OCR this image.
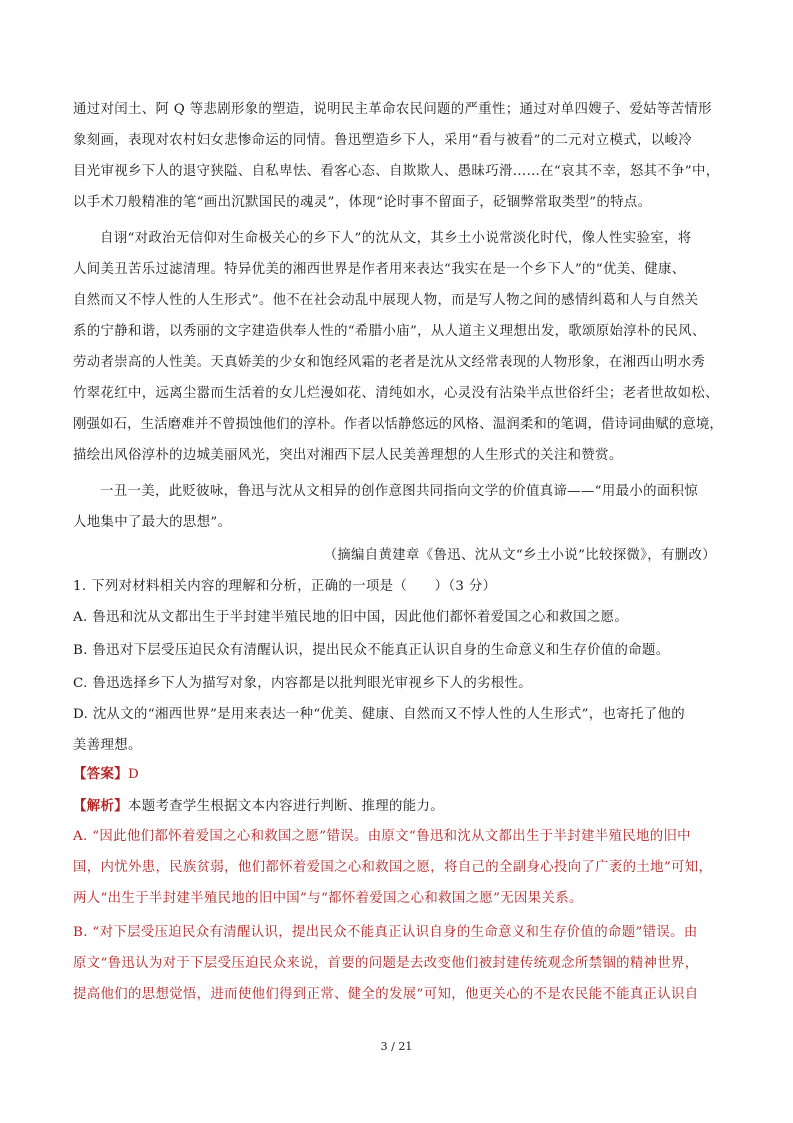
通过对闰土、阿 Q 等悲剧形象的塑造，说明民主革命农民问题的严重性；通过对单四嫂子、爱姑等苦情形
象刻画，表现对农村妇女悲惨命运的同情。鲁迅塑造乡下人，采用“看与被看”的二元对立模式，以峻冷
目光审视乡下人的退守狭隘、自私卑怯、看客心态、自欺欺人、愚昧巧滑……在“哀其不幸，怒其不争”中，
以手术刀般精准的笔“画出沉默国民的魂灵”，体现“论时事不留面子，砭锢弊常取类型”的特点。
自诩“对政治无信仰对生命极关心的乡下人”的沈从文，其乡土小说常淡化时代，像人性实验室，将
人间美丑苦乐过滤清理。特异优美的湘西世界是作者用来表达“我实在是一个乡下人”的“优美、健康、
自然而又不悖人性的人生形式”。他不在社会动乱中展现人物，而是写人物之间的感情纠葛和人与自然关
系的宁静和谐，以秀丽的文字建造供奉人性的“希腊小庙”，从人道主义理想出发，歌颂原始淳朴的民风、
劳动者崇高的人性美。天真娇美的少女和饱经风霜的老者是沈从文经常表现的人物形象，在湘西山明水秀
竹翠花红中，远离尘嚣而生活着的女儿烂漫如花、清纯如水，心灵没有沾染半点世俗纤尘；老者世故如松、
刚强如石，生活磨难并不曾损蚀他们的淳朴。作者以恬静悠远的风格、温润柔和的笔调，借诗词曲赋的意境，
描绘出风俗淳朴的边城美丽风光，突出对湘西下层人民美善理想的人生形式的关注和赞赏。
一丑一美，此贬彼咏，鲁迅与沈从文相异的创作意图共同指向文学的价值真谛——“用最小的面积惊
人地集中了最大的思想”。
（摘编自黄建章《鲁迅、沈从文“乡土小说”比较探微》，有删改）
1. 下列对材料相关内容的理解和分析，正确的一项是（　　）（3 分）
A. 鲁迅和沈从文都出生于半封建半殖民地的旧中国，因此他们都怀着爱国之心和救国之愿。
B. 鲁迅对下层受压迫民众有清醒认识，提出民众不能真正认识自身的生命意义和生存价值的命题。
C. 鲁迅选择乡下人为描写对象，内容都是以批判眼光审视乡下人的劣根性。
D. 沈从文的“湘西世界”是用来表达一种“优美、健康、自然而又不悖人性的人生形式”，也寄托了他的
美善理想。
【答案】D
【解析】本题考查学生根据文本内容进行判断、推理的能力。
A. “因此他们都怀着爱国之心和救国之愿”错误。由原文“鲁迅和沈从文都出生于半封建半殖民地的旧中
国，内忧外患，民族贫弱，他们都怀着爱国之心和救国之愿，将自己的全副身心投向了广袤的土地”可知，
两人“出生于半封建半殖民地的旧中国”与“都怀着爱国之心和救国之愿”无因果关系。
B. “对下层受压迫民众有清醒认识，提出民众不能真正认识自身的生命意义和生存价值的命题”错误。由
原文“鲁迅认为对于下层受压迫民众来说，首要的问题是去改变他们被封建传统观念所禁锢的精神世界，
提高他们的思想觉悟，进而使他们得到正常、健全的发展”可知，他更关心的不是农民能不能真正认识自
3 / 21
